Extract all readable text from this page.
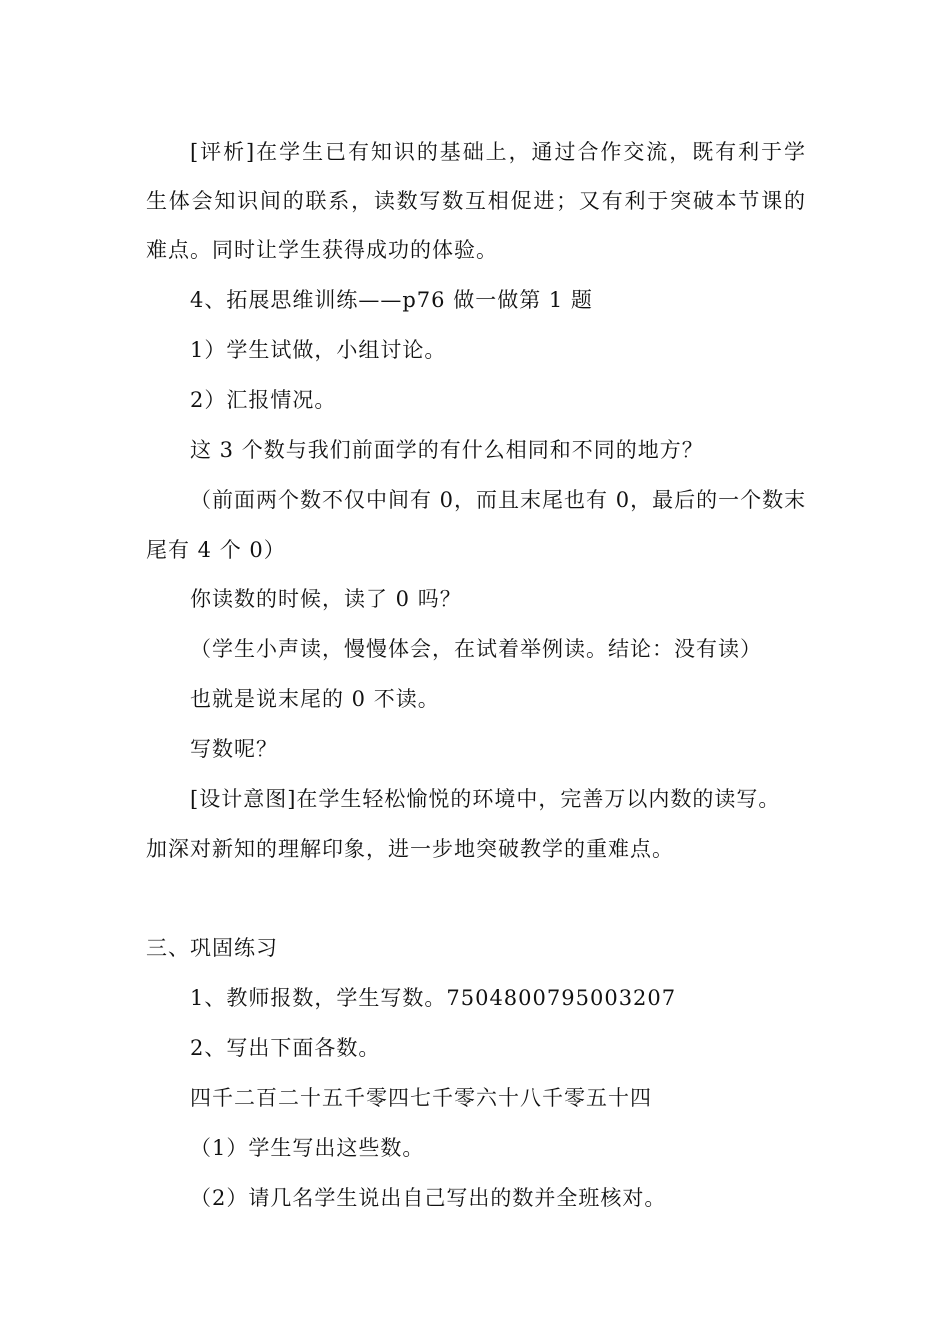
[评析]在学生已有知识的基础上，通过合作交流，既有利于学
生体会知识间的联系，读数写数互相促进；又有利于突破本节课的
难点。同时让学生获得成功的体验。
4、拓展思维训练——p76 做一做第 1 题
1）学生试做，小组讨论。
2）汇报情况。
这 3 个数与我们前面学的有什么相同和不同的地方？
（前面两个数不仅中间有 0，而且末尾也有 0，最后的一个数末
尾有 4 个 0）
你读数的时候，读了 0 吗？
（学生小声读，慢慢体会，在试着举例读。结论：没有读）
也就是说末尾的 0 不读。
写数呢？
[设计意图]在学生轻松愉悦的环境中，完善万以内数的读写。
加深对新知的理解印象，进一步地突破教学的重难点。
三、巩固练习
1、教师报数，学生写数。7504800795003207
2、写出下面各数。
四千二百二十五千零四七千零六十八千零五十四
（1）学生写出这些数。
（2）请几名学生说出自己写出的数并全班核对。
